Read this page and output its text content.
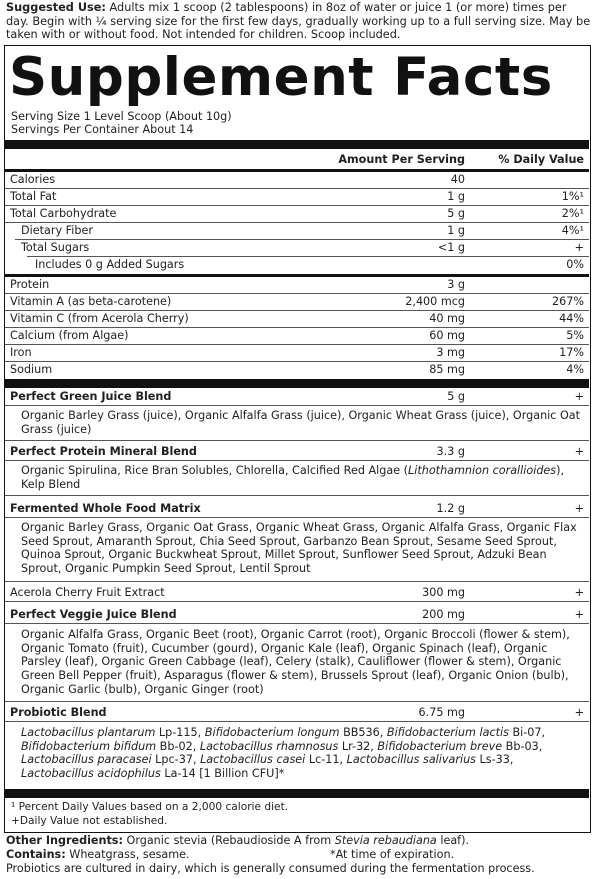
Suggested Use: Adults mix 1 scoop (2 tablespoons) in 8oz of water or juice 1 (or more) times per day. Begin with ¼ serving size for the first few days, gradually working up to a full serving size. May be taken with or without food. Not intended for children. Scoop included.
Supplement Facts
Serving Size 1 Level Scoop (About 10g)
Servings Per Container About 14
Amount Per Serving	% Daily Value
Calories	40
Total Fat	1 g	1%¹
Total Carbohydrate	5 g	2%¹
Dietary Fiber	1 g	4%¹
Total Sugars	<1 g	+
Includes 0 g Added Sugars	0%
Protein	3 g
Vitamin A (as beta-carotene)	2,400 mcg	267%
Vitamin C (from Acerola Cherry)	40 mg	44%
Calcium (from Algae)	60 mg	5%
Iron	3 mg	17%
Sodium	85 mg	4%
Perfect Green Juice Blend	5 g	+
Organic Barley Grass (juice), Organic Alfalfa Grass (juice), Organic Wheat Grass (juice), Organic Oat Grass (juice)
Perfect Protein Mineral Blend	3.3 g	+
Organic Spirulina, Rice Bran Solubles, Chlorella, Calcified Red Algae (Lithothamnion corallioides), Kelp Blend
Fermented Whole Food Matrix	1.2 g	+
Organic Barley Grass, Organic Oat Grass, Organic Wheat Grass, Organic Alfalfa Grass, Organic Flax Seed Sprout, Amaranth Sprout, Chia Seed Sprout, Garbanzo Bean Sprout, Sesame Seed Sprout, Quinoa Sprout, Organic Buckwheat Sprout, Millet Sprout, Sunflower Seed Sprout, Adzuki Bean Sprout, Organic Pumpkin Seed Sprout, Lentil Sprout
Acerola Cherry Fruit Extract	300 mg	+
Perfect Veggie Juice Blend	200 mg	+
Organic Alfalfa Grass, Organic Beet (root), Organic Carrot (root), Organic Broccoli (flower & stem), Organic Tomato (fruit), Cucumber (gourd), Organic Kale (leaf), Organic Spinach (leaf), Organic Parsley (leaf), Organic Green Cabbage (leaf), Celery (stalk), Cauliflower (flower & stem), Organic Green Bell Pepper (fruit), Asparagus (flower & stem), Brussels Sprout (leaf), Organic Onion (bulb), Organic Garlic (bulb), Organic Ginger (root)
Probiotic Blend	6.75 mg	+
Lactobacillus plantarum Lp-115, Bifidobacterium longum BB536, Bifidobacterium lactis Bi-07, Bifidobacterium bifidum Bb-02, Lactobacillus rhamnosus Lr-32, Bifidobacterium breve Bb-03, Lactobacillus paracasei Lpc-37, Lactobacillus casei Lc-11, Lactobacillus salivarius Ls-33, Lactobacillus acidophilus La-14 [1 Billion CFU]*
¹ Percent Daily Values based on a 2,000 calorie diet.
+Daily Value not established.
Other Ingredients: Organic stevia (Rebaudioside A from Stevia rebaudiana leaf).
Contains: Wheatgrass, sesame.	*At time of expiration.
Probiotics are cultured in dairy, which is generally consumed during the fermentation process.
